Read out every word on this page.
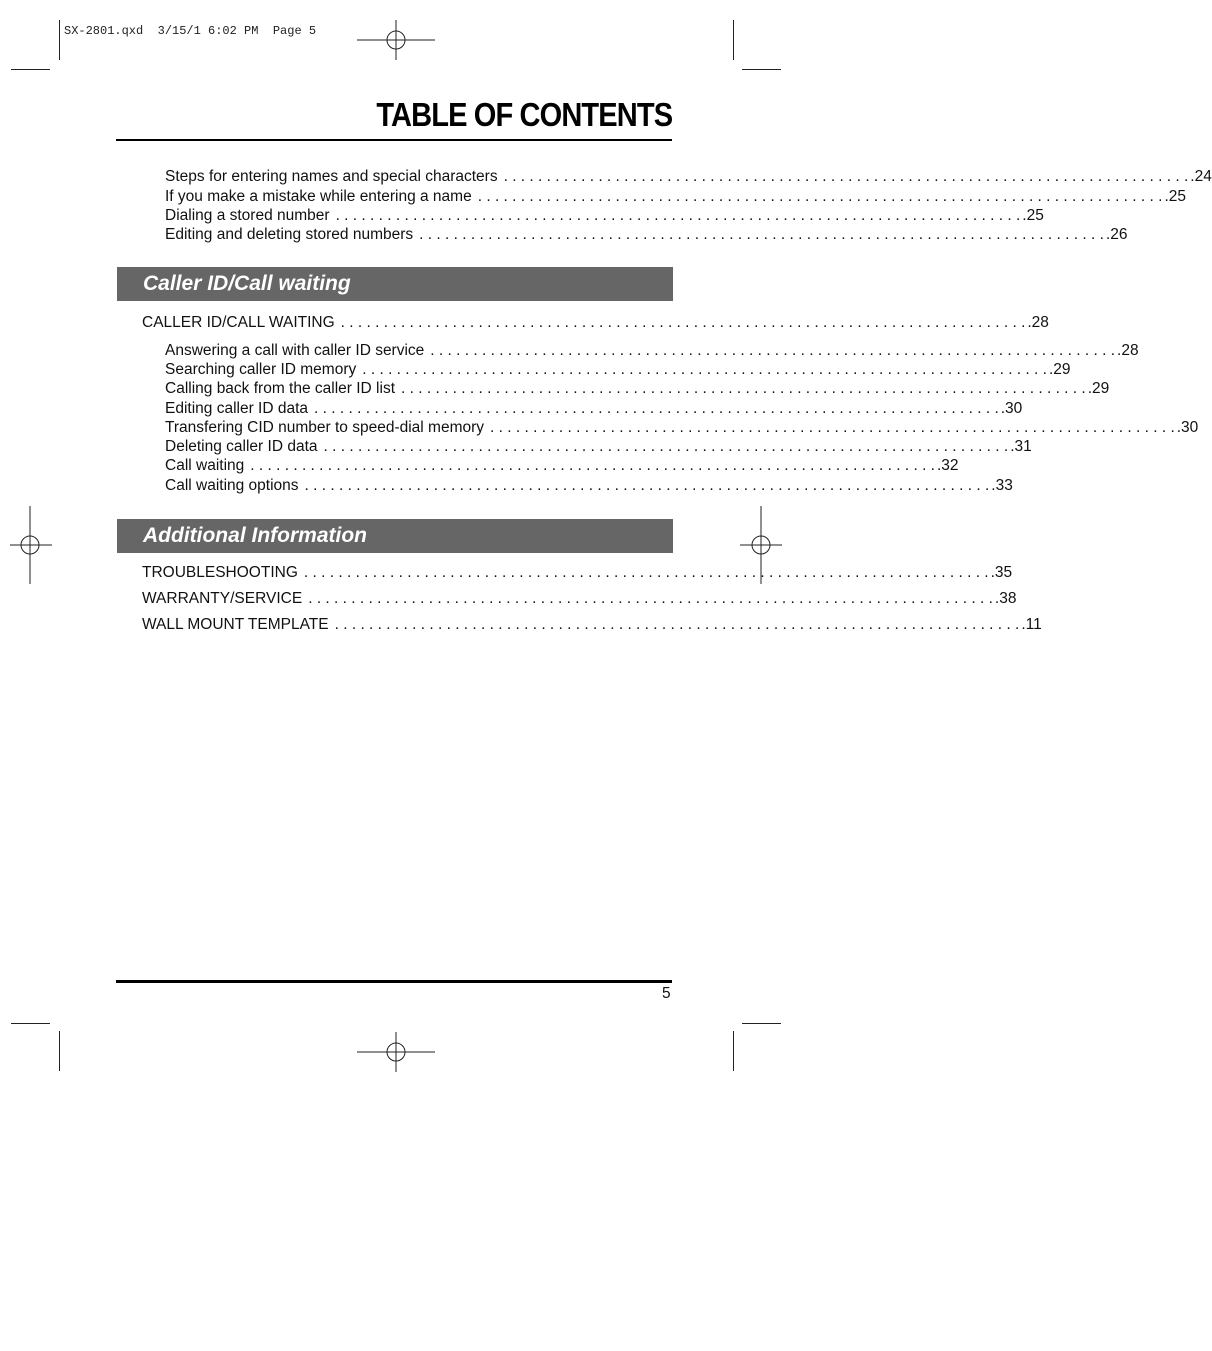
SX-2801.qxd  3/15/1 6:02 PM  Page 5
TABLE OF CONTENTS
Steps for entering names and special characters . . . . . . . . . . . . . . . . . . . . . . . . . . . . . . . . . . . . . . . . . . . . . . . . . . . . . . . . . . . . . . . . . . . . . . . . . . . . . . . . .24
If you make a mistake while entering a name . . . . . . . . . . . . . . . . . . . . . . . . . . . . . . . . . . . . . . . . . . . . . . . . . . . . . . . . . . . . . . . . . . . . . . . . . . . . . . . . .25
Dialing a stored number . . . . . . . . . . . . . . . . . . . . . . . . . . . . . . . . . . . . . . . . . . . . . . . . . . . . . . . . . . . . . . . . . . . . . . . . . . . . . . . . .25
Editing and deleting stored numbers . . . . . . . . . . . . . . . . . . . . . . . . . . . . . . . . . . . . . . . . . . . . . . . . . . . . . . . . . . . . . . . . . . . . . . . . . . . . . . . . .26
Caller ID/Call waiting
CALLER ID/CALL WAITING . . . . . . . . . . . . . . . . . . . . . . . . . . . . . . . . . . . . . . . . . . . . . . . . . . . . . . . . . . . . . . . . . . . . . . . . . . . . . . . . .28
Answering a call with caller ID service . . . . . . . . . . . . . . . . . . . . . . . . . . . . . . . . . . . . . . . . . . . . . . . . . . . . . . . . . . . . . . . . . . . . . . . . . . . . . . . . .28
Searching caller ID memory . . . . . . . . . . . . . . . . . . . . . . . . . . . . . . . . . . . . . . . . . . . . . . . . . . . . . . . . . . . . . . . . . . . . . . . . . . . . . . . . .29
Calling back from the caller ID list . . . . . . . . . . . . . . . . . . . . . . . . . . . . . . . . . . . . . . . . . . . . . . . . . . . . . . . . . . . . . . . . . . . . . . . . . . . . . . . . .29
Editing caller ID data . . . . . . . . . . . . . . . . . . . . . . . . . . . . . . . . . . . . . . . . . . . . . . . . . . . . . . . . . . . . . . . . . . . . . . . . . . . . . . . . .30
Transfering CID number to speed-dial memory . . . . . . . . . . . . . . . . . . . . . . . . . . . . . . . . . . . . . . . . . . . . . . . . . . . . . . . . . . . . . . . . . . . . . . . . . . . . . . . . .30
Deleting caller ID data . . . . . . . . . . . . . . . . . . . . . . . . . . . . . . . . . . . . . . . . . . . . . . . . . . . . . . . . . . . . . . . . . . . . . . . . . . . . . . . . .31
Call waiting . . . . . . . . . . . . . . . . . . . . . . . . . . . . . . . . . . . . . . . . . . . . . . . . . . . . . . . . . . . . . . . . . . . . . . . . . . . . . . . . .32
Call waiting options . . . . . . . . . . . . . . . . . . . . . . . . . . . . . . . . . . . . . . . . . . . . . . . . . . . . . . . . . . . . . . . . . . . . . . . . . . . . . . . . .33
Additional Information
TROUBLESHOOTING . . . . . . . . . . . . . . . . . . . . . . . . . . . . . . . . . . . . . . . . . . . . . . . . . . . . . . . . . . . . . . . . . . . . . . . . . . . . . . . . .35
WARRANTY/SERVICE . . . . . . . . . . . . . . . . . . . . . . . . . . . . . . . . . . . . . . . . . . . . . . . . . . . . . . . . . . . . . . . . . . . . . . . . . . . . . . . . .38
WALL MOUNT TEMPLATE . . . . . . . . . . . . . . . . . . . . . . . . . . . . . . . . . . . . . . . . . . . . . . . . . . . . . . . . . . . . . . . . . . . . . . . . . . . . . . . . .11
5
